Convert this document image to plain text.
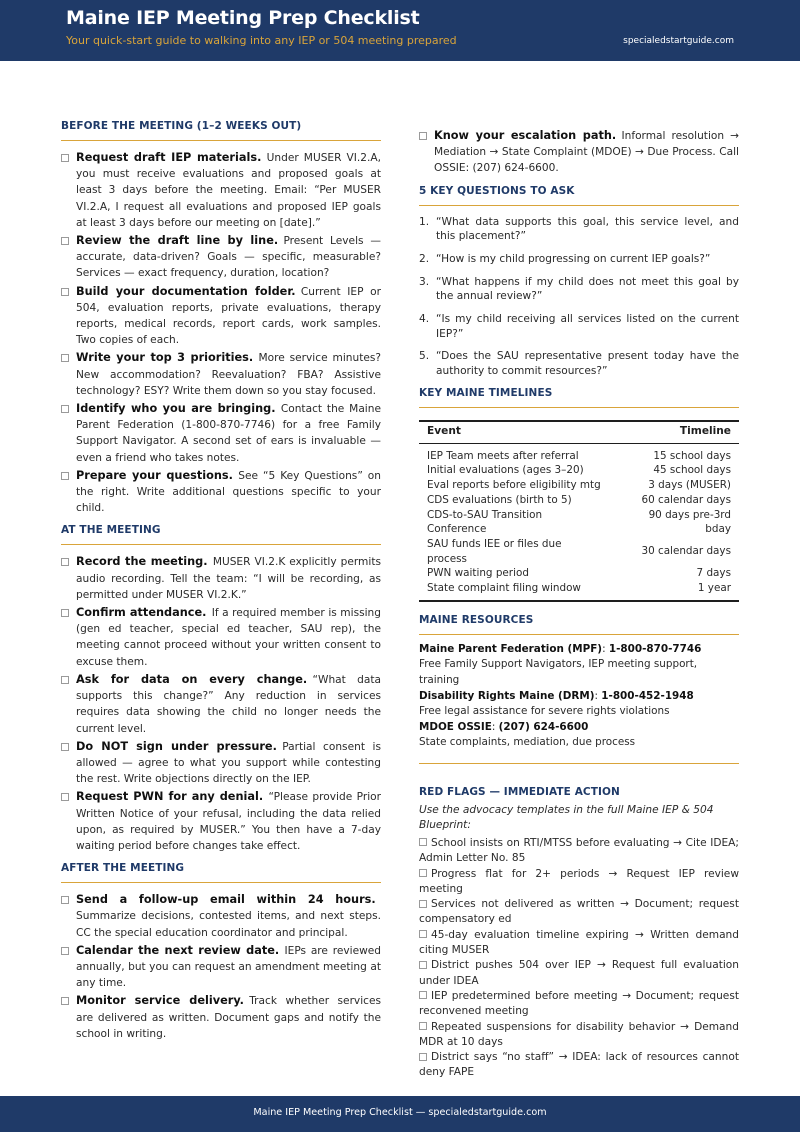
Maine IEP Meeting Prep Checklist
Your quick-start guide to walking into any IEP or 504 meeting prepared	specialedstartguide.com
BEFORE THE MEETING (1–2 WEEKS OUT)
Request draft IEP materials.  Under MUSER VI.2.A, you must receive evaluations and proposed goals at least 3 days before the meeting. Email: “Per MUSER VI.2.A, I request all evaluations and proposed IEP goals at least 3 days before our meeting on [date].”
Review the draft line by line.  Present Levels — accurate, data-driven? Goals — specific, measurable? Services — exact frequency, duration, location?
Build your documentation folder.  Current IEP or 504, evaluation reports, private evaluations, therapy reports, medical records, report cards, work samples. Two copies of each.
Write your top 3 priorities.  More service minutes? New accommodation? Reevaluation? FBA? Assistive technology? ESY? Write them down so you stay focused.
Identify who you are bringing.  Contact the Maine Parent Federation (1-800-870-7746) for a free Family Support Navigator. A second set of ears is invaluable — even a friend who takes notes.
Prepare your questions.  See “5 Key Questions” on the right. Write additional questions specific to your child.
AT THE MEETING
Record the meeting.  MUSER VI.2.K explicitly permits audio recording. Tell the team: “I will be recording, as permitted under MUSER VI.2.K.”
Confirm attendance.  If a required member is missing (gen ed teacher, special ed teacher, SAU rep), the meeting cannot proceed without your written consent to excuse them.
Ask for data on every change.  “What data supports this change?” Any reduction in services requires data showing the child no longer needs the current level.
Do NOT sign under pressure.  Partial consent is allowed — agree to what you support while contesting the rest. Write objections directly on the IEP.
Request PWN for any denial.  “Please provide Prior Written Notice of your refusal, including the data relied upon, as required by MUSER.” You then have a 7-day waiting period before changes take effect.
AFTER THE MEETING
Send a follow-up email within 24 hours. Summarize decisions, contested items, and next steps. CC the special education coordinator and principal.
Calendar the next review date.  IEPs are reviewed annually, but you can request an amendment meeting at any time.
Monitor service delivery.  Track whether services are delivered as written. Document gaps and notify the school in writing.
Know your escalation path.  Informal resolution → Mediation → State Complaint (MDOE) → Due Process. Call OSSIE: (207) 624-6600.
5 KEY QUESTIONS TO ASK
1. “What data supports this goal, this service level, and this placement?”
2. “How is my child progressing on current IEP goals?”
3. “What happens if my child does not meet this goal by the annual review?”
4. “Is my child receiving all services listed on the current IEP?”
5. “Does the SAU representative present today have the authority to commit resources?”
KEY MAINE TIMELINES
Event	Timeline
IEP Team meets after referral	15 school days
Initial evaluations (ages 3–20)	45 school days
Eval reports before eligibility mtg	3 days (MUSER)
CDS evaluations (birth to 5)	60 calendar days
CDS-to-SAU Transition Conference	90 days pre-3rd bday
SAU funds IEE or files due process	30 calendar days
PWN waiting period	7 days
State complaint filing window	1 year
MAINE RESOURCES
Maine Parent Federation (MPF): 1-800-870-7746
Free Family Support Navigators, IEP meeting support, training
Disability Rights Maine (DRM): 1-800-452-1948
Free legal assistance for severe rights violations
MDOE OSSIE: (207) 624-6600
State complaints, mediation, due process
RED FLAGS — IMMEDIATE ACTION
Use the advocacy templates in the full Maine IEP & 504 Blueprint:
School insists on RTI/MTSS before evaluating → Cite IDEA; Admin Letter No. 85
Progress flat for 2+ periods → Request IEP review meeting
Services not delivered as written → Document; request compensatory ed
45-day evaluation timeline expiring → Written demand citing MUSER
District pushes 504 over IEP → Request full evaluation under IDEA
IEP predetermined before meeting → Document; request reconvened meeting
Repeated suspensions for disability behavior → Demand MDR at 10 days
District says “no staff” → IDEA: lack of resources cannot deny FAPE
Maine IEP Meeting Prep Checklist — specialedstartguide.com
